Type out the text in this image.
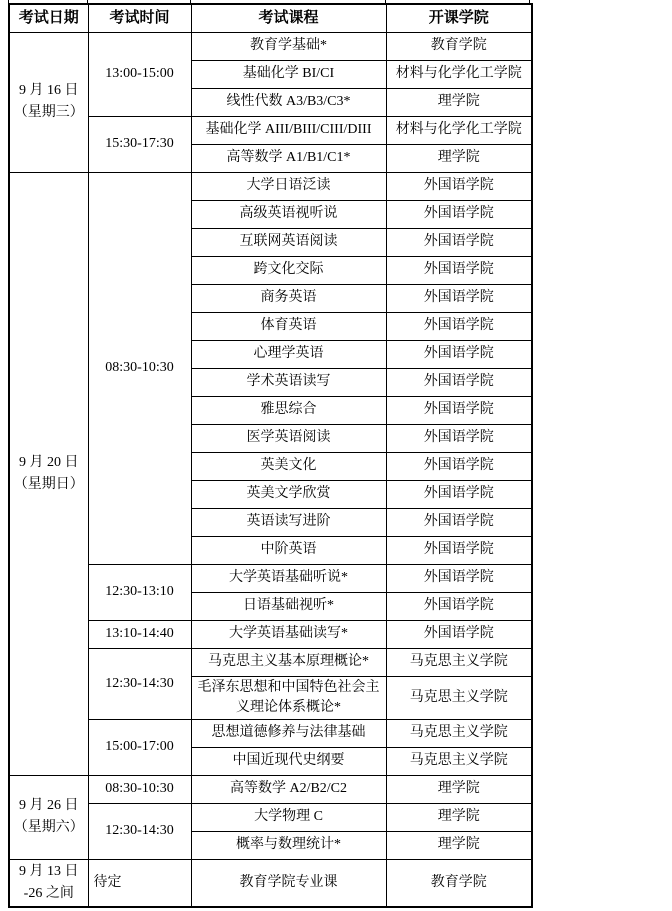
考试日期	考试时间	考试课程	开课学院

9 月 16 日
（星期三）	13:00-15:00	教育学基础*	教育学院
		基础化学 BI/CI	材料与化学化工学院
		线性代数 A3/B3/C3*	理学院
	15:30-17:30	基础化学 AIII/BIII/CIII/DIII	材料与化学化工学院
		高等数学 A1/B1/C1*	理学院

9 月 20 日
（星期日）	08:30-10:30	大学日语泛读	外国语学院
		高级英语视听说	外国语学院
		互联网英语阅读	外国语学院
		跨文化交际	外国语学院
		商务英语	外国语学院
		体育英语	外国语学院
		心理学英语	外国语学院
		学术英语读写	外国语学院
		雅思综合	外国语学院
		医学英语阅读	外国语学院
		英美文化	外国语学院
		英美文学欣赏	外国语学院
		英语读写进阶	外国语学院
		中阶英语	外国语学院
	12:30-13:10	大学英语基础听说*	外国语学院
		日语基础视听*	外国语学院
	13:10-14:40	大学英语基础读写*	外国语学院
	12:30-14:30	马克思主义基本原理概论*	马克思主义学院
		毛泽东思想和中国特色社会主义理论体系概论*	马克思主义学院
	15:00-17:00	思想道德修养与法律基础	马克思主义学院
		中国近现代史纲要	马克思主义学院

9 月 26 日
（星期六）	08:30-10:30	高等数学 A2/B2/C2	理学院
	12:30-14:30	大学物理 C	理学院
		概率与数理统计*	理学院

9 月 13 日
-26 之间	待定	教育学院专业课	教育学院
